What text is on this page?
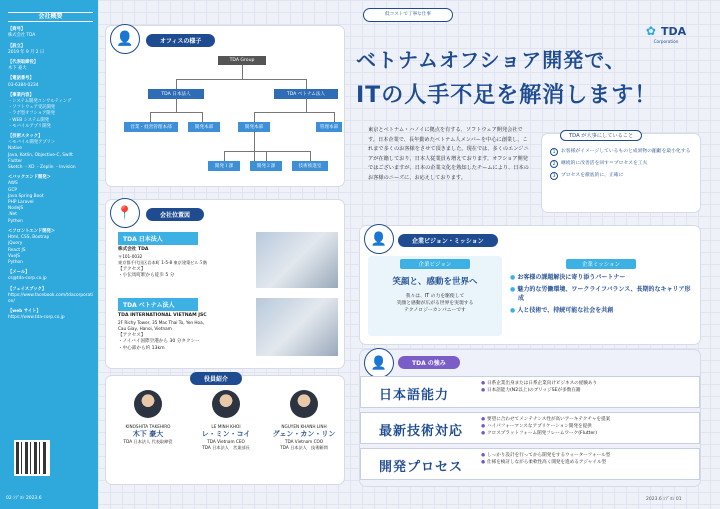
会社概要
【商号】
株式会社 TDA
【設立】
2019 年 9 月 2 日
【代表取締役】
木下 豪大
【電話番号】
03-6384-0234
【事業内容】
・システム開発コンサルティング
・ソフトウェア受託開発
・ラボ型オフショア開発
・WEB システム開発
・モバイルアプリ開発
【技術スタック】
＜モバイル開発アプリ＞
Native
Java, Kotlin, Objective-C, Swift
Flutter
Sketch ・XD ・Zeplin ・Invision
＜バックエンド開発＞
AWS
GCP
Java Spring Boot
PHP Laravel
NodeJS
.Net
Python
＜フロントエンド開発＞
Html, CSS, Bootrap
jQuery
React JS
VueJS
Python
【メール】
cs@tda-corp.co.jp
【フェイスブック】
https://www.facebook.com/tdacorporation/
【web サイト】
https://www.tda-corp.co.jp
02 ｼﾌﾞﾖｼ 2023.6
👤	オフィスの様子
TDA Group
TDA 日本法人	TDA ベトナム法人
営業・経営管理本部	開発本部	開発本部	管理本部
開発１課	開発２課	技術推進室
📍	会社位置図
TDA 日本法人
株式会社 TDA
〒101-0032
東京都千代田区岩本町 1-5-8 東京建築ビル５階
【アクセス】
・小伝馬町駅から徒歩 5 分
TDA ベトナム法人
TDA INTERNATIONAL VIETNAM JSC
2F Richy Tower, 35 Mac Thai To, Yen Hoa,
Cau Giay, Hanoi, Vietnam
【アクセス】
・ノイバイ国際空港から 30 分タクシー
・中心部から約 13km
役員紹介
KINOSHITA TAKEHIRO
木下 豪大
TDA 日本法人 代表取締役
LE MINH KHOI
レ・ミン・コイ
TDA Vietnam CEO
TDA 日本法人　営業部長
NGUYEN KHANH LINH
グェン・カン・リン
TDA Vietnam COO
TDA 日本法人　技術顧問
低コストで丁寧な仕事
✿ TDA
Corporation
ベトナムオフショア開発で、
ITの人手不足を解消します！
東京とベトナム・ハノイに拠点を有する、ソフトウェア開発会社です。日本企業で、長年勤めたベトナム人メンバーを中心に創業し、これまで多くのお客様をさせて頂きました。現在では、多くのエンジニアが在籍しており、日本人従業員も増えております。オフショア開発ではございますが、日本の企業文化を熟知したチームにより、日本のお客様のニーズに、お応えしております。
TDA が大事にしていること
1	お客様がイメージしているものと成果物の齟齬を最小化する
2	継続的に改善活を回す＝プロセスを工夫
3	プロセスを徹底的に、正確に
👤	企業ビジョン・ミッション
企業ビジョン
笑顔と、感動を世界へ
我々は、IT の力を駆使して
笑顔と感動が広がる世界を実現する
テクノロジーカンパニーです
企業ミッション
● お客様の課題解決に寄り添うパートナー
● 魅力的な労働環境、ワークライフバランス、長期的なキャリア形成
● 人と技術で、持続可能な社会を共創
👤	TDA の強み
日本語能力
● 日系企業出身または日系企業向けビジネスの経験あり
● 日本語能力(N2以上)のブリッジSEが多数在籍
最新技術対応
● 要望に合わせてメンテナンス性が高いアーキテクチャを提案
● ハイパフォーマンスなアプリケーション開発を提供
● クロスプラットフォーム開発フレームワーク(Flutter)
開発プロセス
● しっかり設計を行ってから開発をするウォーターフォール型
● 仕様を検討しながら柔軟性高く開発を進めるアジャイル型
2023.6 ｼﾌﾞﾖｼ 01
